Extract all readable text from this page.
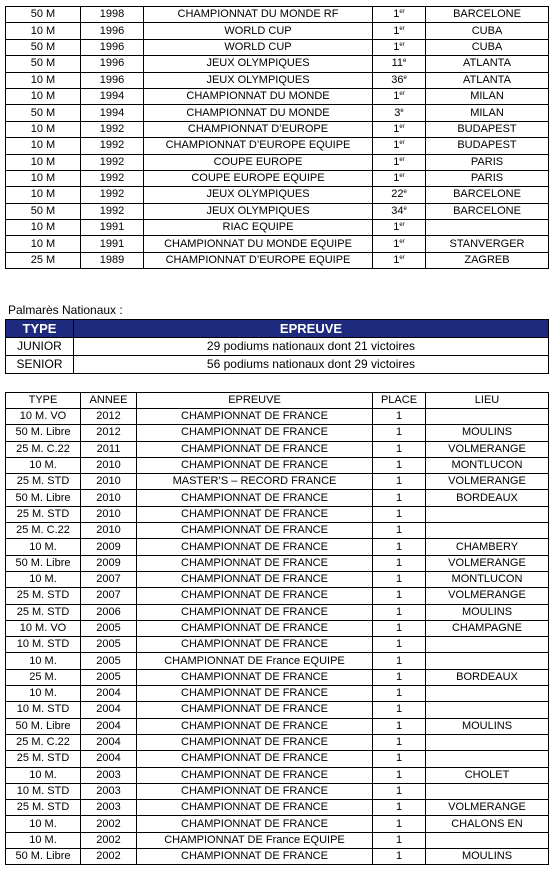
50 M	1998	CHAMPIONNAT DU MONDE RF	1er	BARCELONE
10 M	1996	WORLD CUP	1er	CUBA
50 M	1996	WORLD CUP	1er	CUBA
50 M	1996	JEUX OLYMPIQUES	11e	ATLANTA
10 M	1996	JEUX OLYMPIQUES	36e	ATLANTA
10 M	1994	CHAMPIONNAT DU MONDE	1er	MILAN
50 M	1994	CHAMPIONNAT DU MONDE	3e	MILAN
10 M	1992	CHAMPIONNAT D’EUROPE	1er	BUDAPEST
10 M	1992	CHAMPIONNAT D’EUROPE EQUIPE	1er	BUDAPEST
10 M	1992	COUPE EUROPE	1er	PARIS
10 M	1992	COUPE EUROPE EQUIPE	1er	PARIS
10 M	1992	JEUX OLYMPIQUES	22e	BARCELONE
50 M	1992	JEUX OLYMPIQUES	34e	BARCELONE
10 M	1991	RIAC EQUIPE	1er	
10 M	1991	CHAMPIONNAT DU MONDE EQUIPE	1er	STANVERGER
25 M	1989	CHAMPIONNAT D’EUROPE EQUIPE	1er	ZAGREB
Palmarès Nationaux :
TYPE	EPREUVE
JUNIOR	29 podiums nationaux dont 21 victoires
SENIOR	56 podiums nationaux dont 29 victoires
TYPE	ANNEE	EPREUVE	PLACE	LIEU
10 M. VO	2012	CHAMPIONNAT DE FRANCE	1	
50 M. Libre	2012	CHAMPIONNAT DE FRANCE	1	MOULINS
25 M. C.22	2011	CHAMPIONNAT DE FRANCE	1	VOLMERANGE
10 M.	2010	CHAMPIONNAT DE FRANCE	1	MONTLUCON
25 M. STD	2010	MASTER’S – RECORD FRANCE	1	VOLMERANGE
50 M. Libre	2010	CHAMPIONNAT DE FRANCE	1	BORDEAUX
25 M. STD	2010	CHAMPIONNAT DE FRANCE	1	
25 M. C.22	2010	CHAMPIONNAT DE FRANCE	1	
10 M.	2009	CHAMPIONNAT DE FRANCE	1	CHAMBERY
50 M. Libre	2009	CHAMPIONNAT DE FRANCE	1	VOLMERANGE
10 M.	2007	CHAMPIONNAT DE FRANCE	1	MONTLUCON
25 M. STD	2007	CHAMPIONNAT DE FRANCE	1	VOLMERANGE
25 M. STD	2006	CHAMPIONNAT DE FRANCE	1	MOULINS
10 M. VO	2005	CHAMPIONNAT DE FRANCE	1	CHAMPAGNE
10 M. STD	2005	CHAMPIONNAT DE FRANCE	1	
10 M.	2005	CHAMPIONNAT DE France EQUIPE	1	
25 M.	2005	CHAMPIONNAT DE FRANCE	1	BORDEAUX
10 M.	2004	CHAMPIONNAT DE FRANCE	1	
10 M. STD	2004	CHAMPIONNAT DE FRANCE	1	
50 M. Libre	2004	CHAMPIONNAT DE FRANCE	1	MOULINS
25 M. C.22	2004	CHAMPIONNAT DE FRANCE	1	
25 M. STD	2004	CHAMPIONNAT DE FRANCE	1	
10 M.	2003	CHAMPIONNAT DE FRANCE	1	CHOLET
10 M. STD	2003	CHAMPIONNAT DE FRANCE	1	
25 M. STD	2003	CHAMPIONNAT DE FRANCE	1	VOLMERANGE
10 M.	2002	CHAMPIONNAT DE FRANCE	1	CHALONS EN
10 M.	2002	CHAMPIONNAT DE France EQUIPE	1	
50 M. Libre	2002	CHAMPIONNAT DE FRANCE	1	MOULINS
